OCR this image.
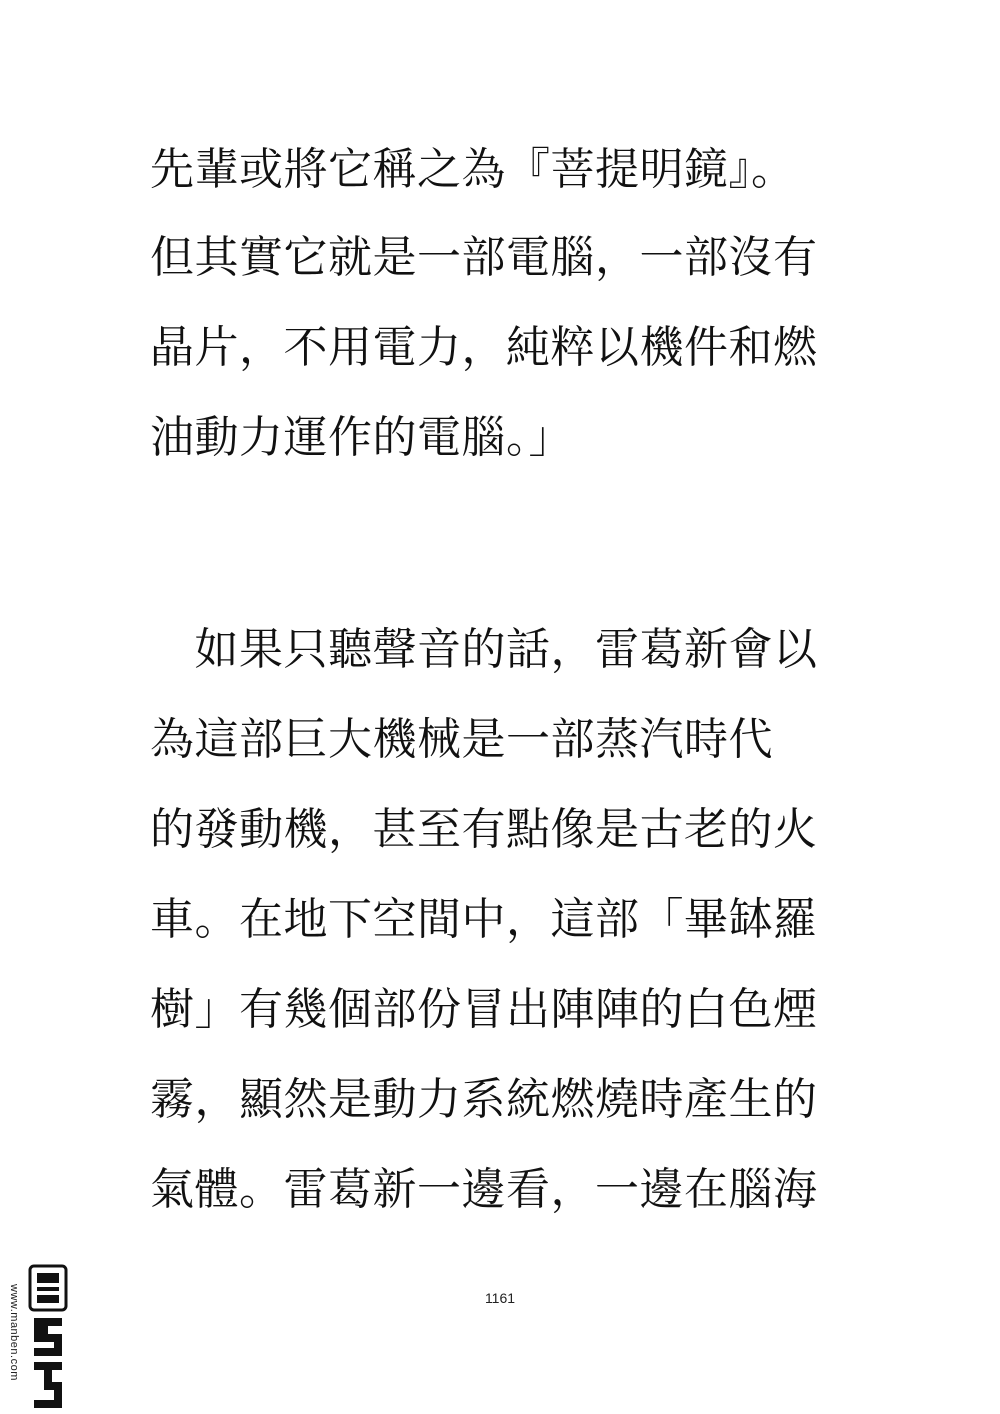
先輩或將它稱之為『菩提明鏡』。
但其實它就是一部電腦，一部沒有
晶片，不用電力，純粹以機件和燃
油動力運作的電腦。」
　如果只聽聲音的話，雷葛新會以
為這部巨大機械是一部蒸汽時代
的發動機，甚至有點像是古老的火
車。在地下空間中，這部「畢缽羅
樹」有幾個部份冒出陣陣的白色煙
霧，顯然是動力系統燃燒時產生的
氣體。雷葛新一邊看，一邊在腦海
1161
www.manben.com
